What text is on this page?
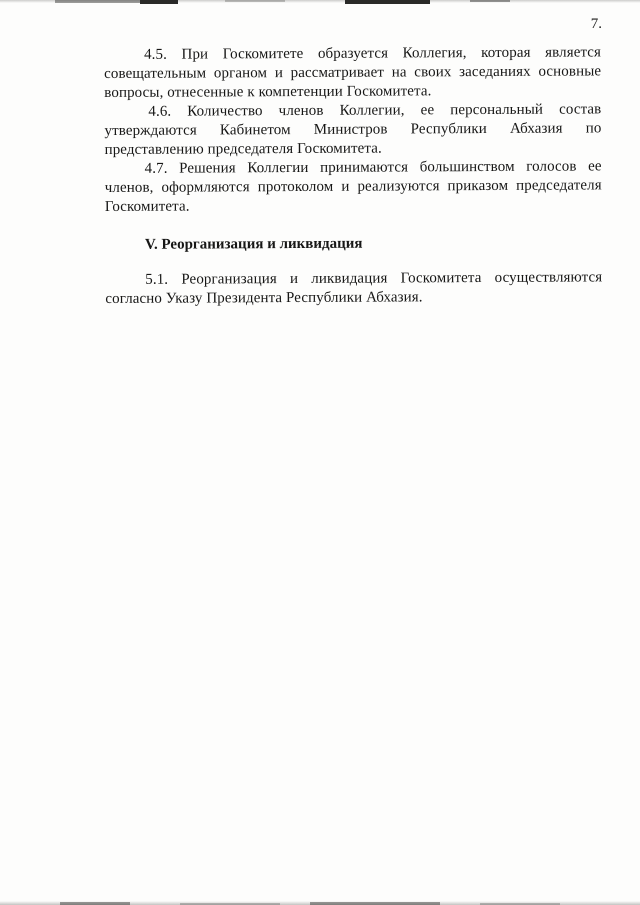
7.

4.5. При Госкомитете образуется Коллегия, которая является совещательным органом и рассматривает на своих заседаниях основные вопросы, отнесенные к компетенции Госкомитета.

4.6. Количество членов Коллегии, ее персональный состав утверждаются Кабинетом Министров Республики Абхазия по представлению председателя Госкомитета.

4.7. Решения Коллегии принимаются большинством голосов ее членов, оформляются протоколом и реализуются приказом председателя Госкомитета.

V. Реорганизация и ликвидация

5.1. Реорганизация и ликвидация Госкомитета осуществляются согласно Указу Президента Республики Абхазия.
